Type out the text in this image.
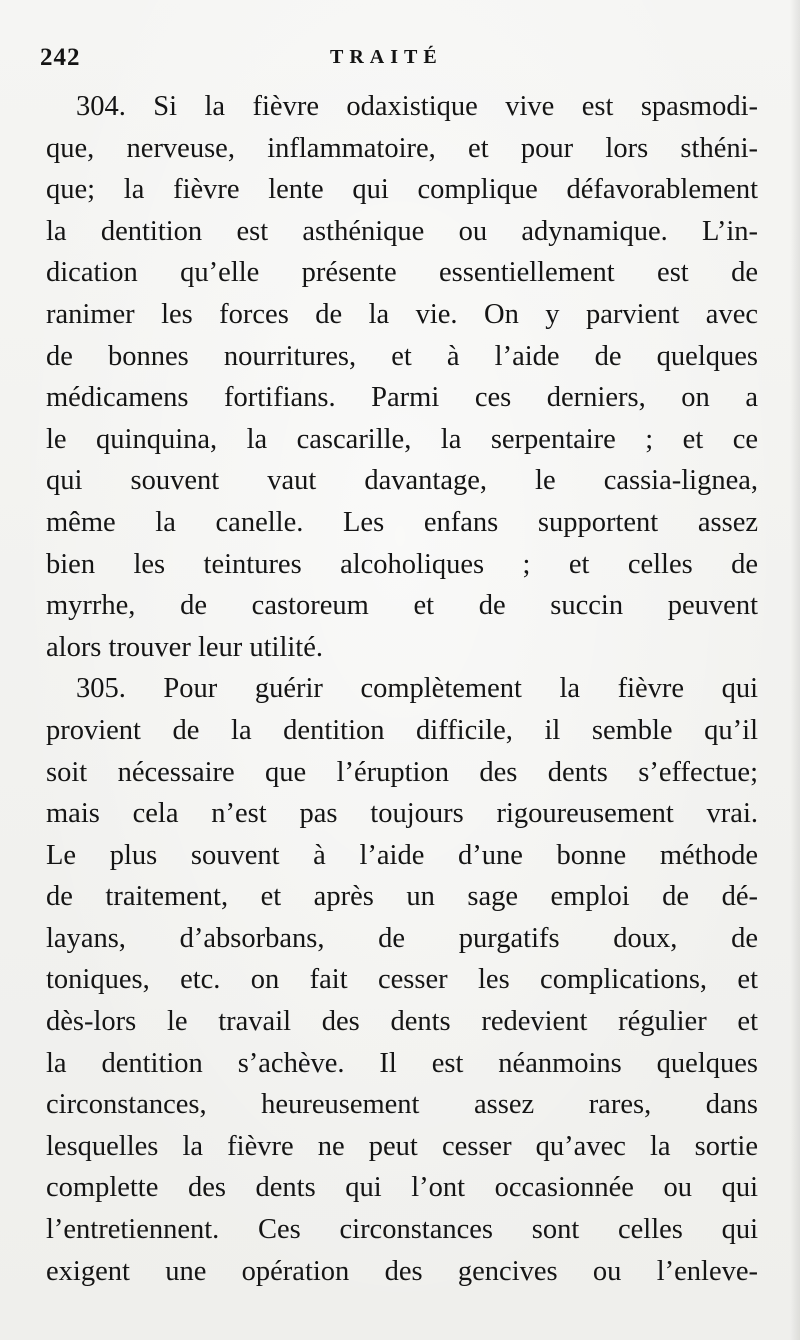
242	TRAITÉ
304. Si la fièvre odaxistique vive est spasmodi-
que, nerveuse, inflammatoire, et pour lors sthéni-
que; la fièvre lente qui complique défavorablement
la dentition est asthénique ou adynamique. L’in-
dication qu’elle présente essentiellement est de
ranimer les forces de la vie. On y parvient avec
de bonnes nourritures, et à l’aide de quelques
médicamens fortifians. Parmi ces derniers, on a
le quinquina, la cascarille, la serpentaire ; et ce
qui souvent vaut davantage, le cassia-lignea,
même la canelle. Les enfans supportent assez
bien les teintures alcoholiques ; et celles de
myrrhe, de castoreum et de succin peuvent
alors trouver leur utilité.
305. Pour guérir complètement la fièvre qui
provient de la dentition difficile, il semble qu’il
soit nécessaire que l’éruption des dents s’effectue;
mais cela n’est pas toujours rigoureusement vrai.
Le plus souvent à l’aide d’une bonne méthode
de traitement, et après un sage emploi de dé-
layans, d’absorbans, de purgatifs doux, de
toniques, etc. on fait cesser les complications, et
dès-lors le travail des dents redevient régulier et
la dentition s’achève. Il est néanmoins quelques
circonstances, heureusement assez rares, dans
lesquelles la fièvre ne peut cesser qu’avec la sortie
complette des dents qui l’ont occasionnée ou qui
l’entretiennent. Ces circonstances sont celles qui
exigent une opération des gencives ou l’enleve-
